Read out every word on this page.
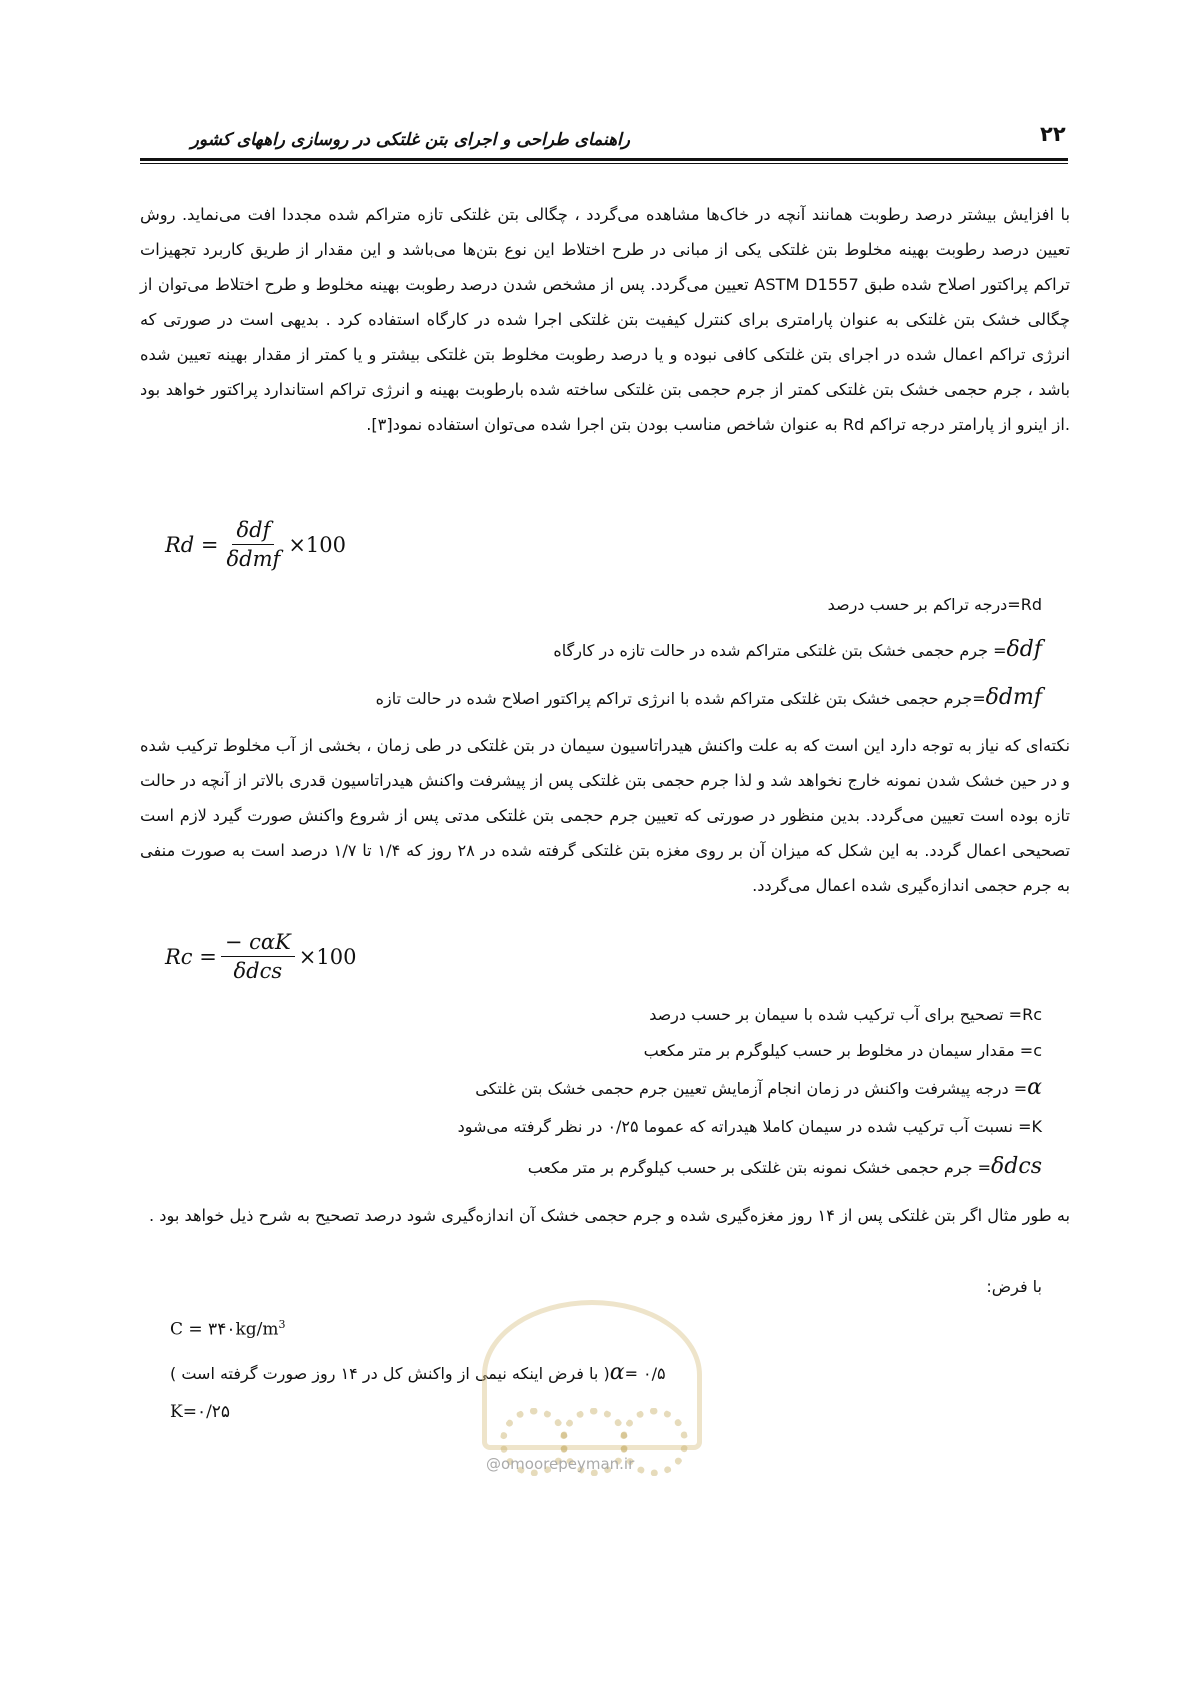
۲۲
راهنمای طراحی و اجرای بتن غلتکی در روسازی راههای کشور

با افزایش بیشتر درصد رطوبت همانند آنچه در خاک‌ها مشاهده می‌گردد ، چگالی بتن غلتکی تازه متراکم شده مجددا افت می‌نماید. روش تعیین درصد رطوبت بهینه مخلوط بتن غلتکی یکی از مبانی در طرح اختلاط این نوع بتن‌ها می‌باشد و این مقدار از طریق کاربرد تجهیزات تراکم پراکتور اصلاح شده طبق ASTM D1557 تعیین می‌گردد. پس از مشخص شدن درصد رطوبت بهینه مخلوط و طرح اختلاط می‌توان از چگالی خشک بتن غلتکی به عنوان پارامتری برای کنترل کیفیت بتن غلتکی اجرا شده در کارگاه استفاده کرد . بدیهی است در صورتی که انرژی تراکم اعمال شده در اجرای بتن غلتکی کافی نبوده و یا درصد رطوبت مخلوط بتن غلتکی بیشتر و یا کمتر از مقدار بهینه تعیین شده باشد ، جرم حجمی خشک بتن غلتکی کمتر از جرم حجمی بتن غلتکی ساخته شده بارطوبت بهینه و انرژی تراکم استاندارد پراکتور خواهد بود .از اینرو از پارامتر درجه تراکم Rd به عنوان شاخص مناسب بودن بتن اجرا شده می‌توان استفاده نمود[۳].

$Rd = \frac{\text{δdf}}{\text{δdmf}} \times 100$
Rd=درجه تراکم بر حسب درصد
δdf= جرم حجمی خشک بتن غلتکی متراکم شده در حالت تازه در کارگاه
δdmf=جرم حجمی خشک بتن غلتکی متراکم شده با انرژی تراکم پراکتور اصلاح شده در حالت تازه

نکته‌ای که نیاز به توجه دارد این است که به علت واکنش هیدراتاسیون سیمان در بتن غلتکی در طی زمان ، بخشی از آب مخلوط ترکیب شده و در حین خشک شدن نمونه خارج نخواهد شد و لذا جرم حجمی بتن غلتکی پس از پیشرفت واکنش هیدراتاسیون قدری بالاتر از آنچه در حالت تازه بوده است تعیین می‌گردد. بدین منظور در صورتی که تعیین جرم حجمی بتن غلتکی مدتی پس از شروع واکنش صورت گیرد لازم است تصحیحی اعمال گردد. به این شکل که میزان آن بر روی مغزه بتن غلتکی گرفته شده در ۲۸ روز که ۱/۴ تا ۱/۷ درصد است به صورت منفی به جرم حجمی اندازه‌گیری شده اعمال می‌گردد.

$Rc = \frac{\text{− cαK}}{\text{δdcs}} \times 100$
Rc= تصحیح برای آب ترکیب شده با سیمان بر حسب درصد
c= مقدار سیمان در مخلوط بر حسب کیلوگرم بر متر مکعب
α= درجه پیشرفت واکنش در زمان انجام آزمایش تعیین جرم حجمی خشک بتن غلتکی
K= نسبت آب ترکیب شده در سیمان کاملا هیدراته که عموما ۰/۲۵ در نظر گرفته می‌شود
δdcs= جرم حجمی خشک نمونه بتن غلتکی بر حسب کیلوگرم بر متر مکعب

به طور مثال اگر بتن غلتکی پس از ۱۴ روز مغزه‌گیری شده و جرم حجمی خشک آن اندازه‌گیری شود درصد تصحیح به شرح ذیل خواهد بود .

با فرض:
$C = ۳۴۰kg/m^3$
α= ۰/۵( با فرض اینکه نیمی از واکنش کل در ۱۴ روز صورت گرفته است )
K=۰/۲۵
@omoorepeyman.ir
